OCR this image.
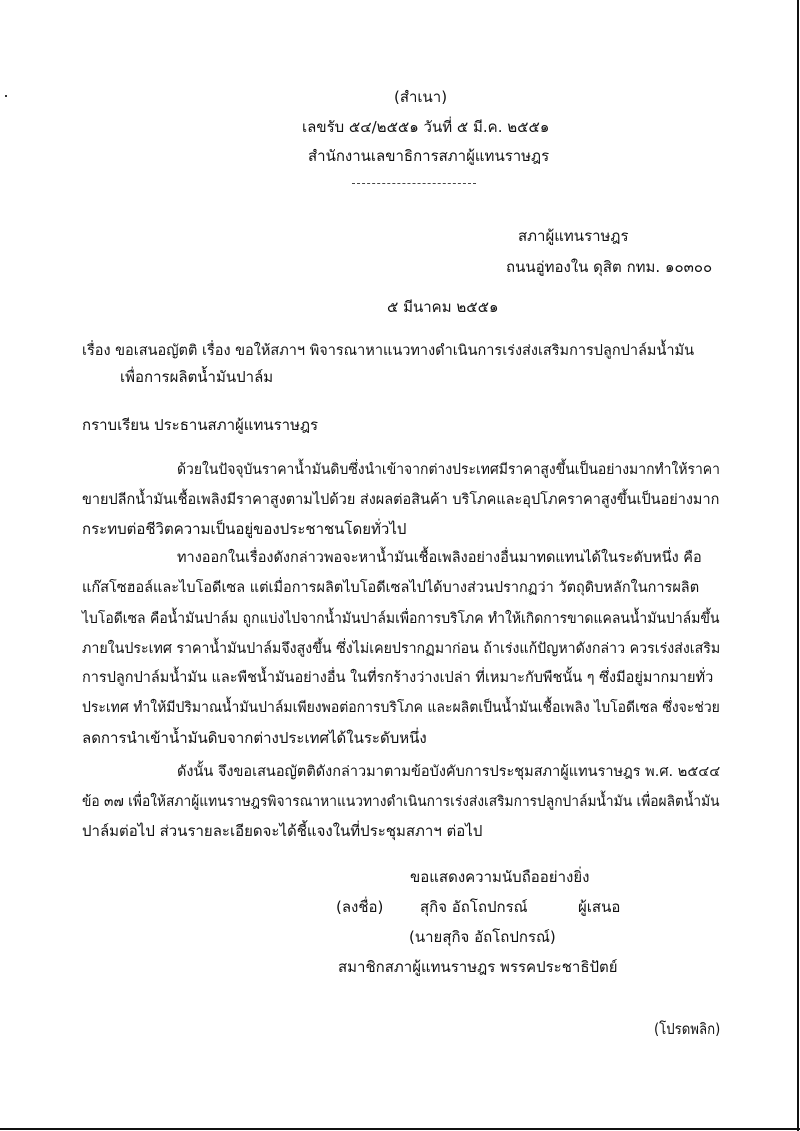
(สำเนา)
เลขรับ ๕๔/๒๕๕๑ วันที่ ๕ มี.ค. ๒๕๕๑
สำนักงานเลขาธิการสภาผู้แทนราษฎร
สภาผู้แทนราษฎร
ถนนอู่ทองใน ดุสิต กทม. ๑๐๓๐๐
๕ มีนาคม ๒๕๕๑
เรื่อง ขอเสนอญัตติ เรื่อง ขอให้สภาฯ พิจารณาหาแนวทางดำเนินการเร่งส่งเสริมการปลูกปาล์มน้ำมัน
เพื่อการผลิตน้ำมันปาล์ม
กราบเรียน ประธานสภาผู้แทนราษฎร
ด้วยในปัจจุบันราคาน้ำมันดิบซึ่งนำเข้าจากต่างประเทศมีราคาสูงขึ้นเป็นอย่างมากทำให้ราคา
ขายปลีกน้ำมันเชื้อเพลิงมีราคาสูงตามไปด้วย ส่งผลต่อสินค้า บริโภคและอุปโภคราคาสูงขึ้นเป็นอย่างมาก
กระทบต่อชีวิตความเป็นอยู่ของประชาชนโดยทั่วไป
ทางออกในเรื่องดังกล่าวพอจะหาน้ำมันเชื้อเพลิงอย่างอื่นมาทดแทนได้ในระดับหนึ่ง คือ
แก๊สโซฮอล์และไบโอดีเซล แต่เมื่อการผลิตไบโอดีเซลไปได้บางส่วนปรากฏว่า วัตถุดิบหลักในการผลิต
ไบโอดีเซล คือน้ำมันปาล์ม ถูกแบ่งไปจากน้ำมันปาล์มเพื่อการบริโภค ทำให้เกิดการขาดแคลนน้ำมันปาล์มขึ้น
ภายในประเทศ ราคาน้ำมันปาล์มจึงสูงขึ้น ซึ่งไม่เคยปรากฏมาก่อน ถ้าเร่งแก้ปัญหาดังกล่าว ควรเร่งส่งเสริม
การปลูกปาล์มน้ำมัน และพืชน้ำมันอย่างอื่น ในที่รกร้างว่างเปล่า ที่เหมาะกับพืชนั้น ๆ ซึ่งมีอยู่มากมายทั่ว
ประเทศ ทำให้มีปริมาณน้ำมันปาล์มเพียงพอต่อการบริโภค และผลิตเป็นน้ำมันเชื้อเพลิง ไบโอดีเซล ซึ่งจะช่วย
ลดการนำเข้าน้ำมันดิบจากต่างประเทศได้ในระดับหนึ่ง
ดังนั้น จึงขอเสนอญัตติดังกล่าวมาตามข้อบังคับการประชุมสภาผู้แทนราษฎร พ.ศ. ๒๕๔๔
ข้อ ๓๗ เพื่อให้สภาผู้แทนราษฎรพิจารณาหาแนวทางดำเนินการเร่งส่งเสริมการปลูกปาล์มน้ำมัน เพื่อผลิตน้ำมัน
ปาล์มต่อไป ส่วนรายละเอียดจะได้ชี้แจงในที่ประชุมสภาฯ ต่อไป
ขอแสดงความนับถืออย่างยิ่ง
(ลงชื่อ) สุกิจ อัถโถปกรณ์	ผู้เสนอ
(นายสุกิจ อัถโถปกรณ์)
สมาชิกสภาผู้แทนราษฎร พรรคประชาธิปัตย์
(โปรดพลิก)
